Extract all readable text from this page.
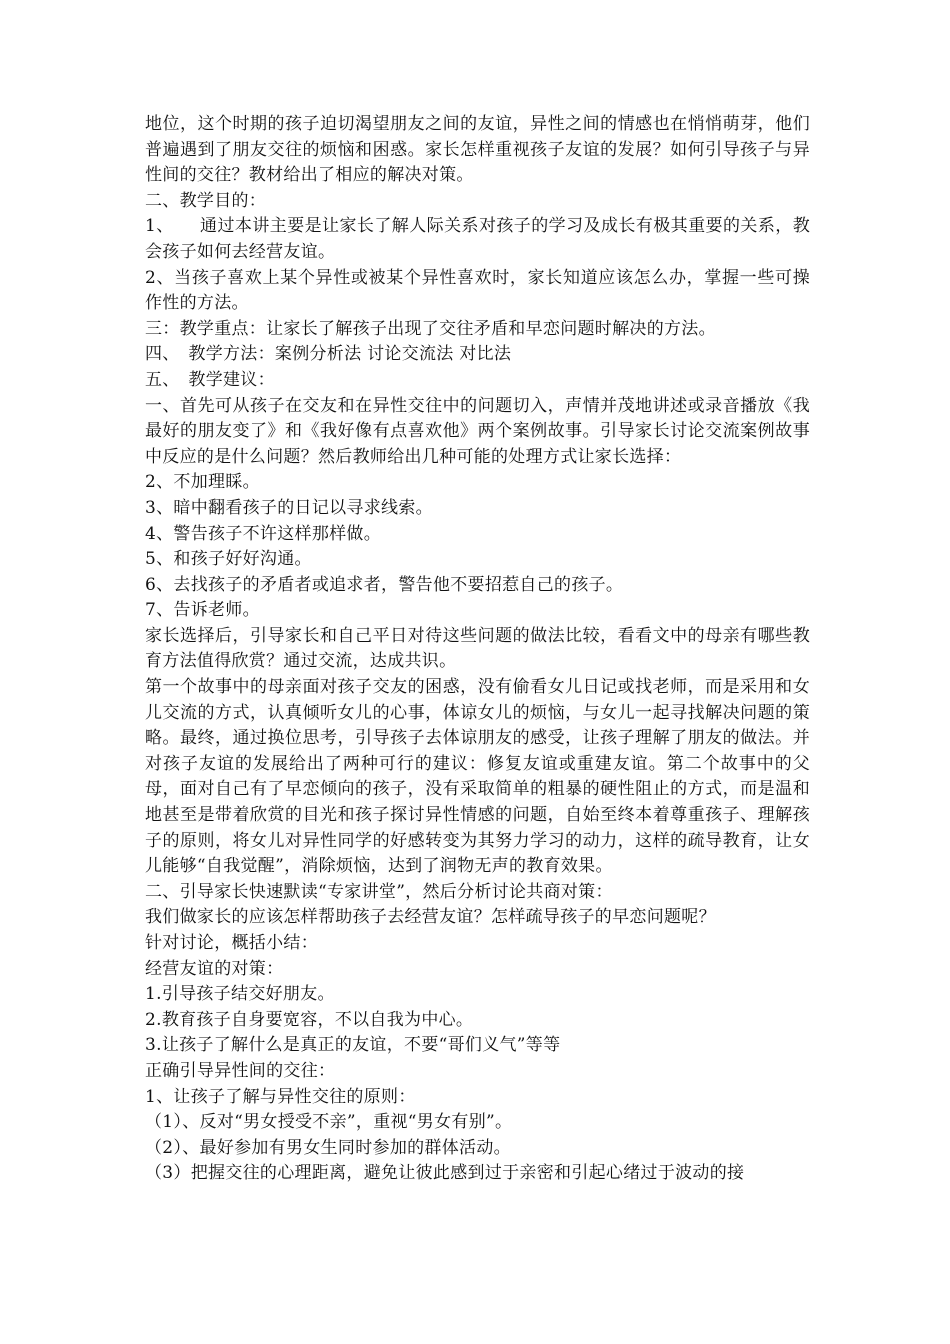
地位，这个时期的孩子迫切渴望朋友之间的友谊，异性之间的情感也在悄悄萌芽，他们普遍遇到了朋友交往的烦恼和困惑。家长怎样重视孩子友谊的发展？如何引导孩子与异性间的交往？教材给出了相应的解决对策。

二、教学目的：

1、　　通过本讲主要是让家长了解人际关系对孩子的学习及成长有极其重要的关系，教会孩子如何去经营友谊。

2、当孩子喜欢上某个异性或被某个异性喜欢时，家长知道应该怎么办，掌握一些可操作性的方法。

三：教学重点：让家长了解孩子出现了交往矛盾和早恋问题时解决的方法。

四、　教学方法：案例分析法 讨论交流法 对比法

五、　教学建议：

一、首先可从孩子在交友和在异性交往中的问题切入，声情并茂地讲述或录音播放《我最好的朋友变了》和《我好像有点喜欢他》两个案例故事。引导家长讨论交流案例故事中反应的是什么问题？然后教师给出几种可能的处理方式让家长选择：

2、不加理睬。

3、暗中翻看孩子的日记以寻求线索。

4、警告孩子不许这样那样做。

5、和孩子好好沟通。

6、去找孩子的矛盾者或追求者，警告他不要招惹自己的孩子。

7、告诉老师。

家长选择后，引导家长和自己平日对待这些问题的做法比较，看看文中的母亲有哪些教育方法值得欣赏？通过交流，达成共识。

第一个故事中的母亲面对孩子交友的困惑，没有偷看女儿日记或找老师，而是采用和女儿交流的方式，认真倾听女儿的心事，体谅女儿的烦恼，与女儿一起寻找解决问题的策略。最终，通过换位思考，引导孩子去体谅朋友的感受，让孩子理解了朋友的做法。并对孩子友谊的发展给出了两种可行的建议：修复友谊或重建友谊。第二个故事中的父母，面对自己有了早恋倾向的孩子，没有采取简单的粗暴的硬性阻止的方式，而是温和地甚至是带着欣赏的目光和孩子探讨异性情感的问题，自始至终本着尊重孩子、理解孩子的原则，将女儿对异性同学的好感转变为其努力学习的动力，这样的疏导教育，让女儿能够“自我觉醒”，消除烦恼，达到了润物无声的教育效果。

二、引导家长快速默读“专家讲堂”，然后分析讨论共商对策：

我们做家长的应该怎样帮助孩子去经营友谊？怎样疏导孩子的早恋问题呢？

针对讨论，概括小结：

经营友谊的对策：

1.引导孩子结交好朋友。

2.教育孩子自身要宽容，不以自我为中心。

3.让孩子了解什么是真正的友谊，不要“哥们义气”等等

正确引导异性间的交往：

1、让孩子了解与异性交往的原则：

（1）、反对“男女授受不亲”，重视“男女有别”。

（2）、最好参加有男女生同时参加的群体活动。

（3）把握交往的心理距离，避免让彼此感到过于亲密和引起心绪过于波动的接
